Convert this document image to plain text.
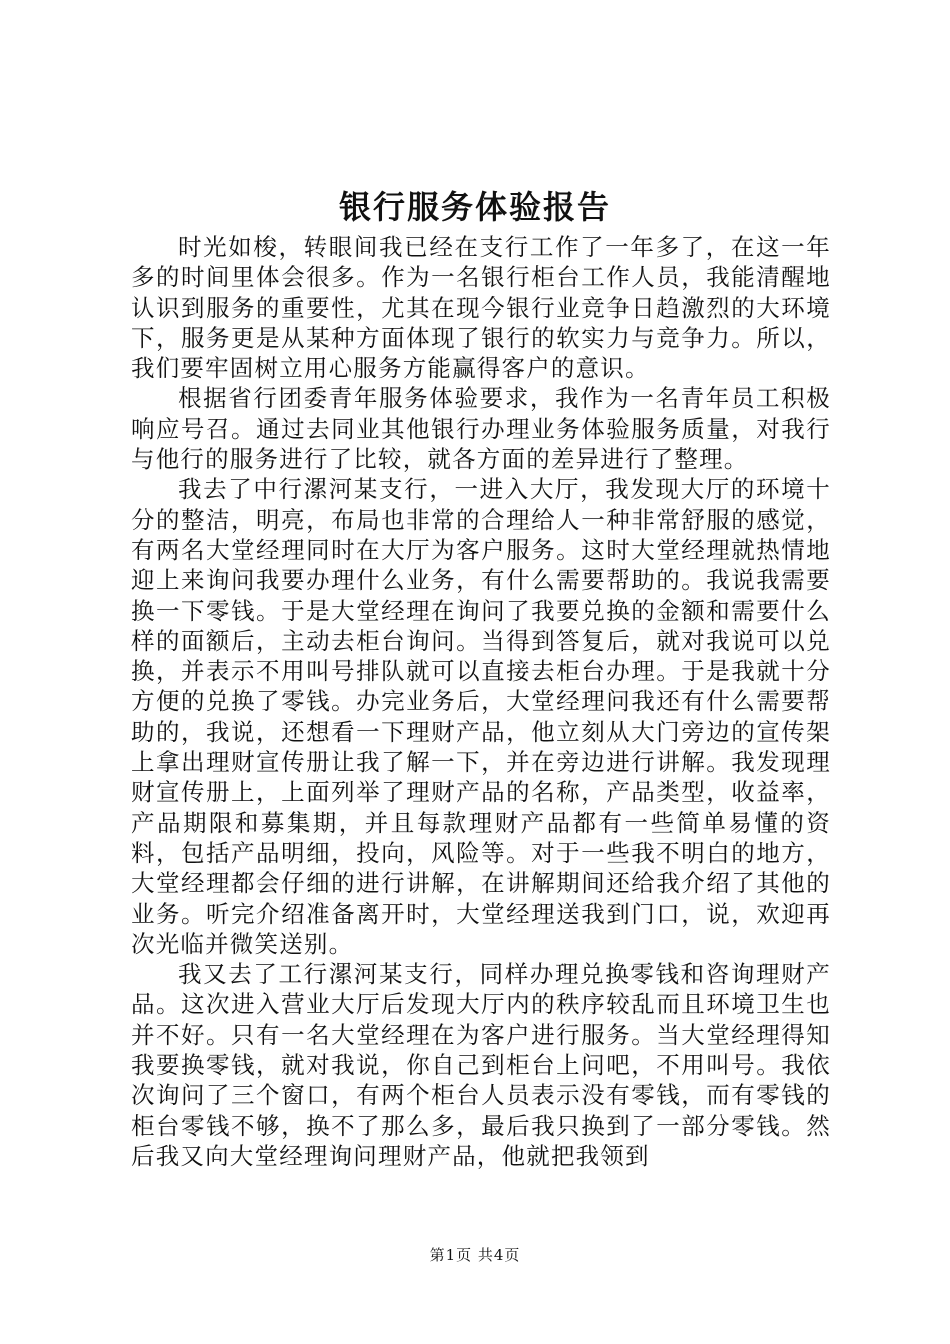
银行服务体验报告

时光如梭，转眼间我已经在支行工作了一年多了，在这一年多的时间里体会很多。作为一名银行柜台工作人员，我能清醒地认识到服务的重要性，尤其在现今银行业竞争日趋激烈的大环境下，服务更是从某种方面体现了银行的软实力与竞争力。所以，我们要牢固树立用心服务方能赢得客户的意识。

根据省行团委青年服务体验要求，我作为一名青年员工积极响应号召。通过去同业其他银行办理业务体验服务质量，对我行与他行的服务进行了比较，就各方面的差异进行了整理。

我去了中行漯河某支行，一进入大厅，我发现大厅的环境十分的整洁，明亮，布局也非常的合理给人一种非常舒服的感觉，有两名大堂经理同时在大厅为客户服务。这时大堂经理就热情地迎上来询问我要办理什么业务，有什么需要帮助的。我说我需要换一下零钱。于是大堂经理在询问了我要兑换的金额和需要什么样的面额后，主动去柜台询问。当得到答复后，就对我说可以兑换，并表示不用叫号排队就可以直接去柜台办理。于是我就十分方便的兑换了零钱。办完业务后，大堂经理问我还有什么需要帮助的，我说，还想看一下理财产品，他立刻从大门旁边的宣传架上拿出理财宣传册让我了解一下，并在旁边进行讲解。我发现理财宣传册上，上面列举了理财产品的名称，产品类型，收益率，产品期限和募集期，并且每款理财产品都有一些简单易懂的资料，包括产品明细，投向，风险等。对于一些我不明白的地方，大堂经理都会仔细的进行讲解，在讲解期间还给我介绍了其他的业务。听完介绍准备离开时，大堂经理送我到门口，说，欢迎再次光临并微笑送别。

我又去了工行漯河某支行，同样办理兑换零钱和咨询理财产品。这次进入营业大厅后发现大厅内的秩序较乱而且环境卫生也并不好。只有一名大堂经理在为客户进行服务。当大堂经理得知我要换零钱，就对我说，你自己到柜台上问吧，不用叫号。我依次询问了三个窗口，有两个柜台人员表示没有零钱，而有零钱的柜台零钱不够，换不了那么多，最后我只换到了一部分零钱。然后我又向大堂经理询问理财产品，他就把我领到

第1页 共4页
